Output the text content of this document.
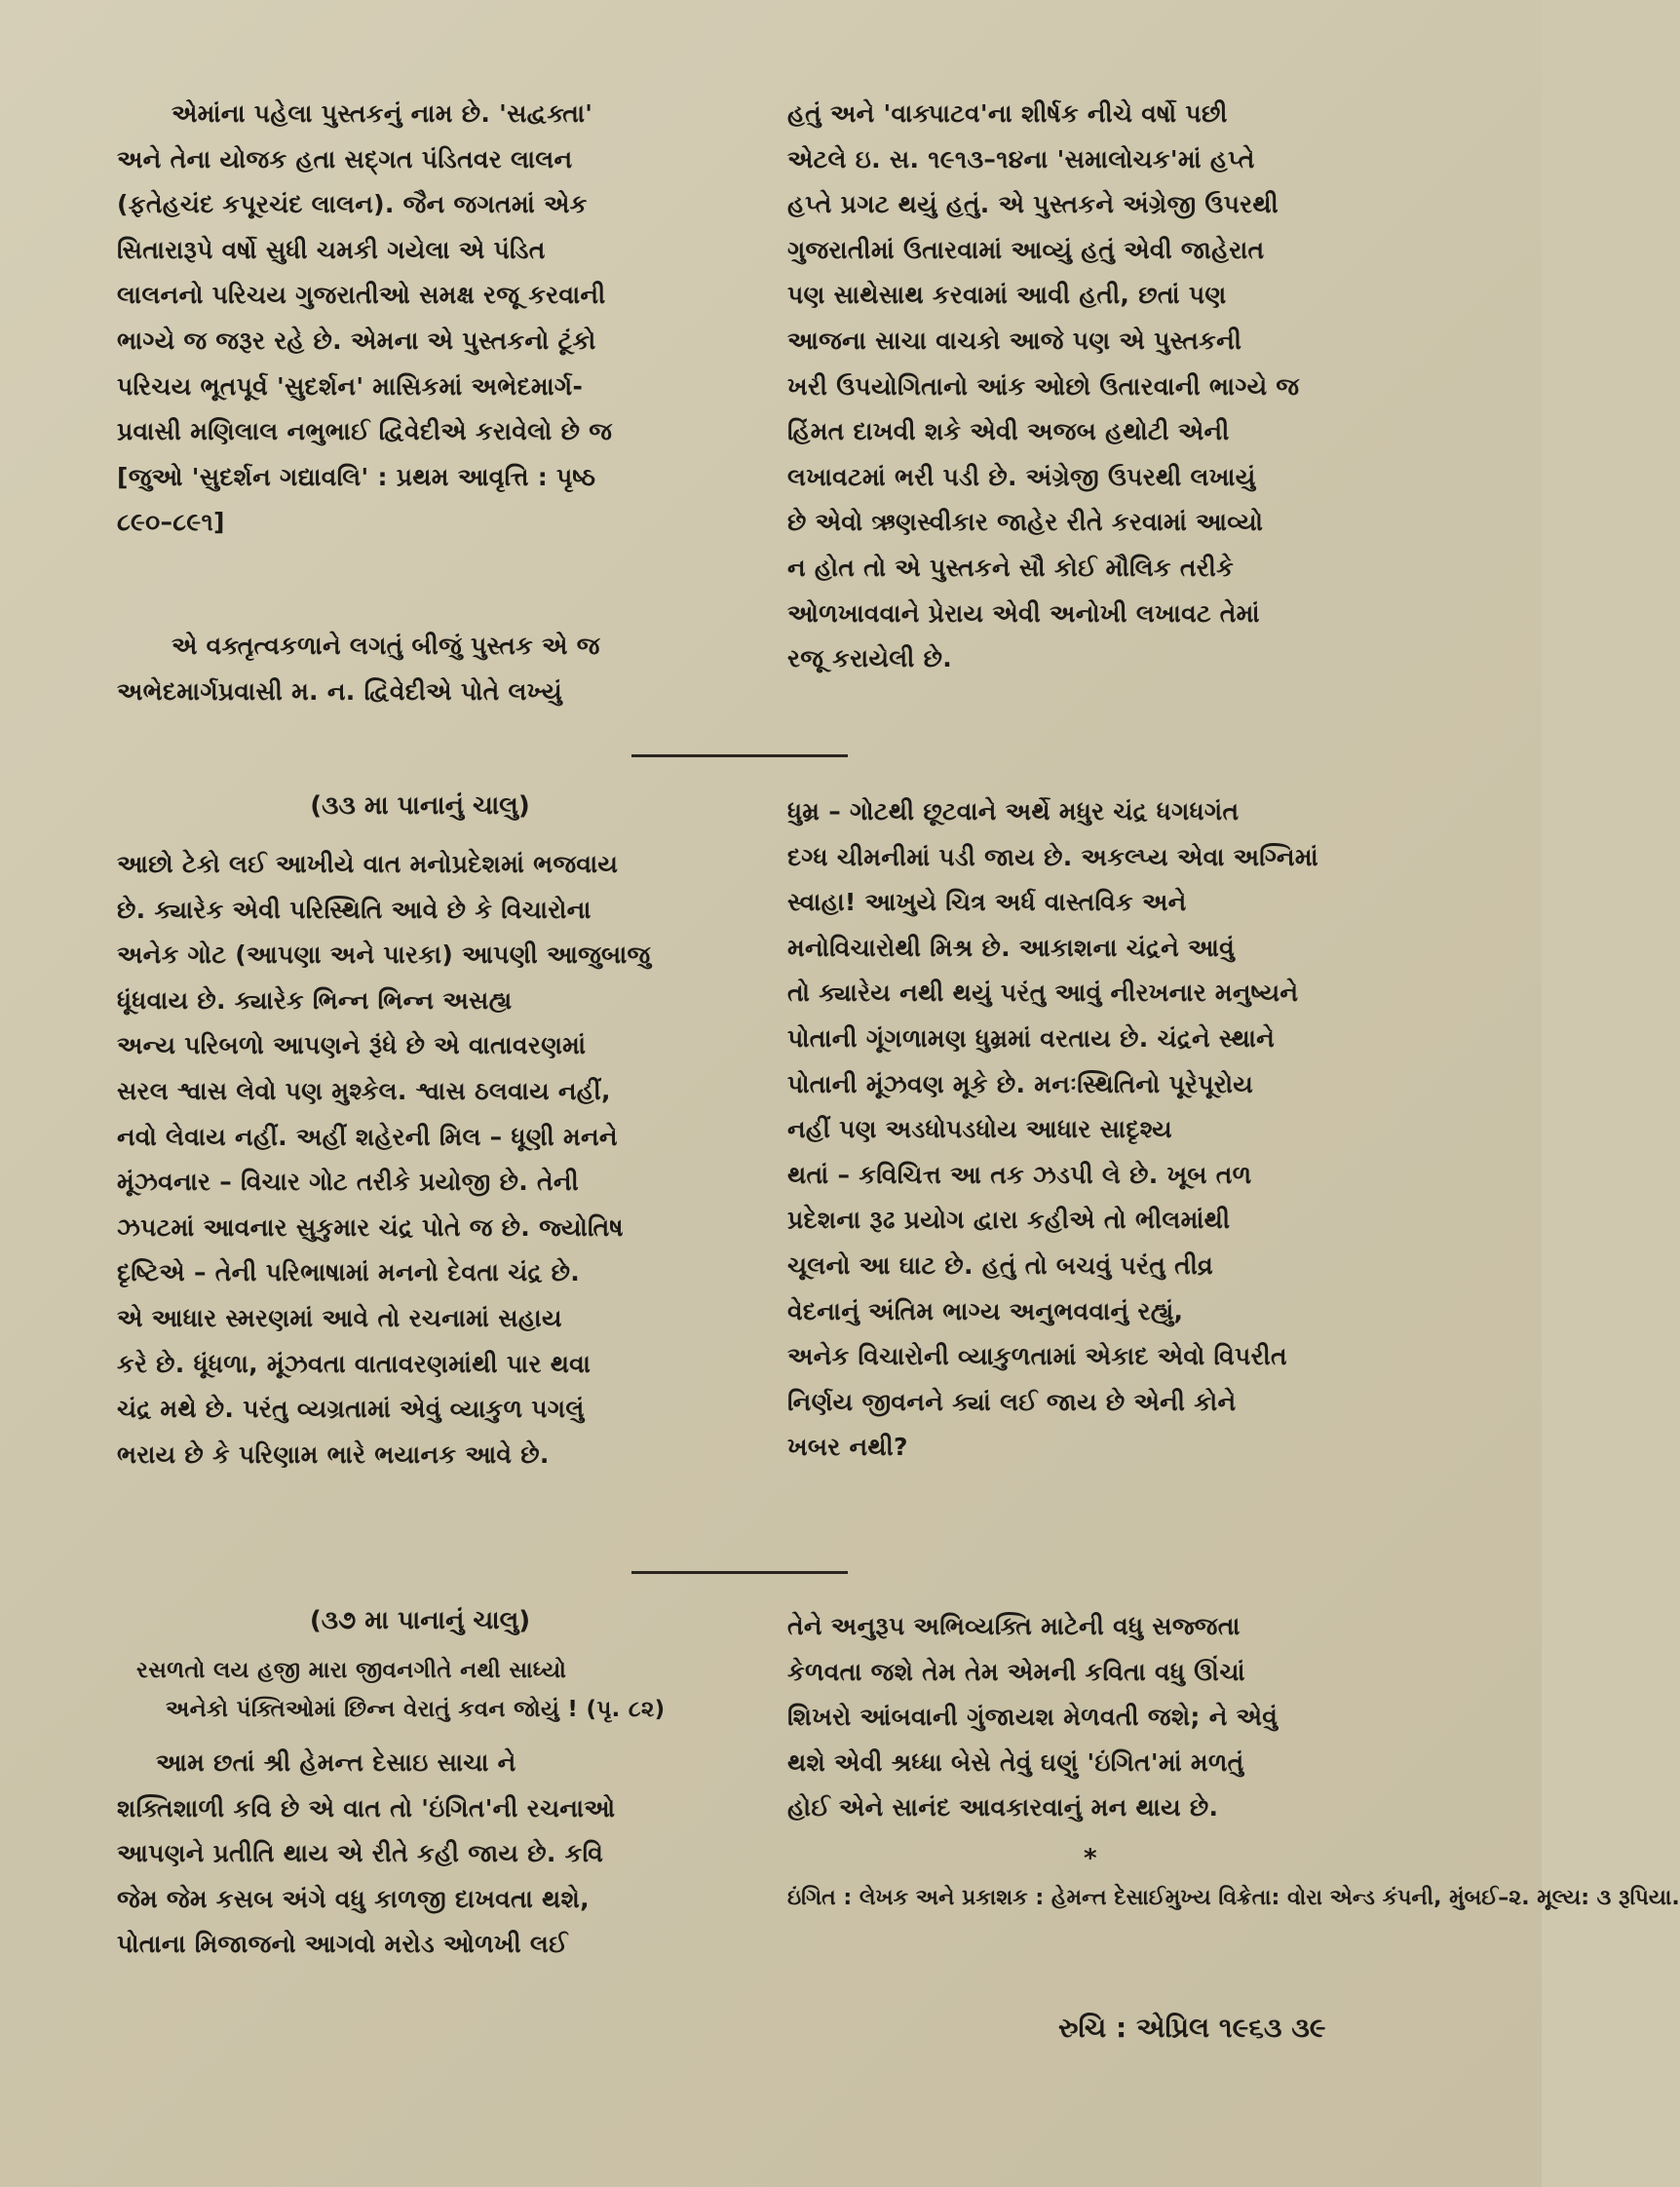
એમાંના પહેલા પુસ્તકનું નામ છે. 'સદ્વક્તા'
અને તેના યોજક હતા સદ્ગત પંડિતવર લાલન
(ફતેહચંદ કપૂરચંદ લાલન). જૈન જગતમાં એક
સિતારારૂપે વર્ષો સુધી ચમકી ગયેલા એ પંડિત
લાલનનો પરિચય ગુજરાતીઓ સમક્ષ રજૂ કરવાની
ભાગ્યે જ જરૂર રહે છે. એમના એ પુસ્તકનો ટૂંકો
પરિચય ભૂતપૂર્વ 'સુદર્શન' માસિકમાં અભેદમાર્ગ-
પ્રવાસી મણિલાલ નભુભાઈ દ્વિવેદીએ કરાવેલો છે જ
[જુઓ 'સુદર્શન ગદ્યાવલિ' : પ્રથમ આવૃત્તિ : પૃષ્ઠ
૮૯૦–૮૯૧]
એ વક્તૃત્વકળાને લગતું બીજું પુસ્તક એ જ
અભેદમાર્ગપ્રવાસી મ. ન. દ્વિવેદીએ પોતે લખ્યું
(૩૩ મા પાનાનું ચાલુ)
આછો ટેકો લઈ આખીયે વાત મનોપ્રદેશમાં ભજવાય
છે. ક્યારેક એવી પરિસ્થિતિ આવે છે કે વિચારોના
અનેક ગોટ (આપણા અને પારકા) આપણી આજુબાજુ
ધૂંધવાય છે. ક્યારેક ભિન્ન ભિન્ન અસહ્ય
અન્ય પરિબળો આપણને રૂંધે છે એ વાતાવરણમાં
સરલ શ્વાસ લેવો પણ મુશ્કેલ. શ્વાસ ઠલવાય નહીં,
નવો લેવાય નહીં. અહીં શહેરની મિલ – ધૂણી મનને
મૂંઝવનાર – વિચાર ગોટ તરીકે પ્રયોજી છે. તેની
ઝપટમાં આવનાર સુકુમાર ચંદ્ર પોતે જ છે. જ્યોતિષ
દૃષ્ટિએ – તેની પરિભાષામાં મનનો દેવતા ચંદ્ર છે.
એ આધાર સ્મરણમાં આવે તો રચનામાં સહાય
કરે છે. ધૂંધળા, મૂંઝવતા વાતાવરણમાંથી પાર થવા
ચંદ્ર મથે છે. પરંતુ વ્યગ્રતામાં એવું વ્યાકુળ પગલું
ભરાય છે કે પરિણામ ભારે ભયાનક આવે છે.
(૩૭ મા પાનાનું ચાલુ)
રસળતો લય હજી મારા જીવનગીતે નથી સાધ્યો
અનેકો પંક્તિઓમાં છિન્ન વેરાતું કવન જોયું ! (પૃ. ૮૨)
આમ છતાં શ્રી હેમન્ત દેસાઇ સાચા ને
શક્તિશાળી કવિ છે એ વાત તો 'ઇંગિત'ની રચનાઓ
આપણને પ્રતીતિ થાય એ રીતે કહી જાય છે. કવિ
જેમ જેમ કસબ અંગે વધુ કાળજી દાખવતા થશે,
પોતાના મિજાજનો આગવો મરોડ ઓળખી લઈ
હતું અને 'વાક્પાટવ'ના શીર્ષક નીચે વર્ષો પછી
એટલે ઇ. સ. ૧૯૧૩–૧૪ના 'સમાલોચક'માં હપ્તે
હપ્તે પ્રગટ થયું હતું. એ પુસ્તકને અંગ્રેજી ઉપરથી
ગુજરાતીમાં ઉતારવામાં આવ્યું હતું એવી જાહેરાત
પણ સાથેસાથ કરવામાં આવી હતી, છતાં પણ
આજના સાચા વાચકો આજે પણ એ પુસ્તકની
ખરી ઉપયોગિતાનો આંક ઓછો ઉતારવાની ભાગ્યે જ
હિંમત દાખવી શકે એવી અજબ હથોટી એની
લખાવટમાં ભરી પડી છે. અંગ્રેજી ઉપરથી લખાયું
છે એવો ઋણસ્વીકાર જાહેર રીતે કરવામાં આવ્યો
ન હોત તો એ પુસ્તકને સૌ કોઈ મૌલિક તરીકે
ઓળખાવવાને પ્રેરાય એવી અનોખી લખાવટ તેમાં
રજૂ કરાયેલી છે.
ધુમ્ર – ગોટથી છૂટવાને અર્થે મધુર ચંદ્ર ધગધગંત
દગ્ધ ચીમનીમાં પડી જાય છે. અકલ્પ્ય એવા અગ્નિમાં
સ્વાહા! આખુયે ચિત્ર અર્ધ વાસ્તવિક અને
મનોવિચારોથી મિશ્ર છે. આકાશના ચંદ્રને આવું
તો ક્યારેય નથી થયું પરંતુ આવું નીરખનાર મનુષ્યને
પોતાની ગૂંગળામણ ધુમ્રમાં વરતાય છે. ચંદ્રને સ્થાને
પોતાની મૂંઝવણ મૂકે છે. મનઃસ્થિતિનો પૂરેપૂરોય
નહીં પણ અડધોપડધોય આધાર સાદૃશ્ય
થતાં – કવિચિત્ત આ તક ઝડપી લે છે. ખૂબ તળ
પ્રદેશના રૂઢ પ્રયોગ દ્વારા કહીએ તો ભીલમાંથી
ચૂલનો આ ઘાટ છે. હતું તો બચવું પરંતુ તીવ્ર
વેદનાનું અંતિમ ભાગ્ય અનુભવવાનું રહ્યું,
અનેક વિચારોની વ્યાકુળતામાં એકાદ એવો વિપરીત
નિર્ણય જીવનને ક્યાં લઈ જાય છે એની કોને
ખબર નથી?
તેને અનુરૂપ અભિવ્યક્તિ માટેની વધુ સજ્જતા
કેળવતા જશે તેમ તેમ એમની કવિતા વધુ ઊંચાં
શિખરો આંબવાની ગુંજાયશ મેળવતી જશે; ને એવું
થશે એવી શ્રધ્ધા બેસે તેવું ઘણું 'ઇંગિત'માં મળતું
હોઈ એને સાનંદ આવકારવાનું મન થાય છે.
*
ઇંગિત : લેખક અને પ્રકાશક : હેમન્ત દેસાઈમુખ્ય વિક્રેતા: વોરા એન્ડ કંપની, મુંબઈ–૨. મૂલ્ય: ૩ રૂપિયા.
રુચિ : એપ્રિલ ૧૯૬૩ ૩૯
